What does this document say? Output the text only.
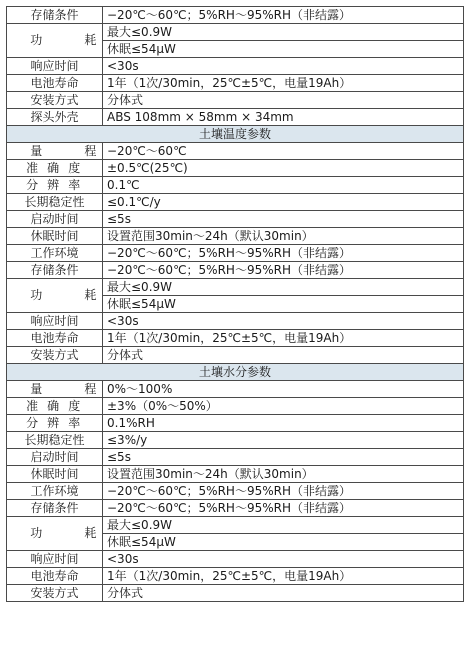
存储条件	−20℃～60℃；5%RH～95%RH（非结露）
功 耗	最大≤0.9W
	休眠≤54μW
响应时间	<30s
电池寿命	1年（1次/30min，25℃±5℃，电量19Ah）
安装方式	分体式
探头外壳	ABS 108mm × 58mm × 34mm
土壤温度参数	
量 程	−20℃～60℃
准 确 度	±0.5℃(25℃)
分 辨 率	0.1℃
长期稳定性	≤0.1℃/y
启动时间	≤5s
休眠时间	设置范围30min～24h（默认30min）
工作环境	−20℃～60℃；5%RH～95%RH（非结露）
存储条件	−20℃～60℃；5%RH～95%RH（非结露）
功 耗	最大≤0.9W
	休眠≤54μW
响应时间	<30s
电池寿命	1年（1次/30min，25℃±5℃，电量19Ah）
安装方式	分体式
土壤水分参数	
量 程	0%～100%
准 确 度	±3%（0%～50%）
分 辨 率	0.1%RH
长期稳定性	≤3%/y
启动时间	≤5s
休眠时间	设置范围30min～24h（默认30min）
工作环境	−20℃～60℃；5%RH～95%RH（非结露）
存储条件	−20℃～60℃；5%RH～95%RH（非结露）
功 耗	最大≤0.9W
	休眠≤54μW
响应时间	<30s
电池寿命	1年（1次/30min，25℃±5℃，电量19Ah）
安装方式	分体式
